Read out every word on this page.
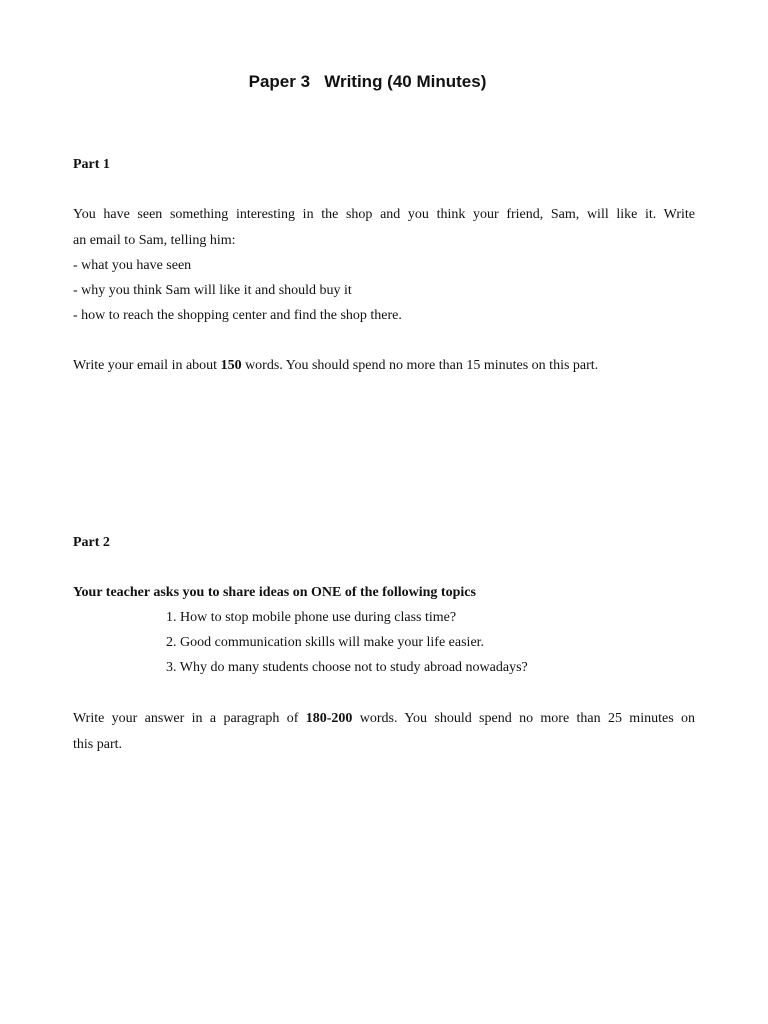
Paper 3   Writing (40 Minutes)
Part 1
You have seen something interesting in the shop and you think your friend, Sam, will like it. Write
an email to Sam, telling him:
- what you have seen
- why you think Sam will like it and should buy it
- how to reach the shopping center and find the shop there.
Write your email in about 150 words. You should spend no more than 15 minutes on this part.
Part 2
Your teacher asks you to share ideas on ONE of the following topics
1. How to stop mobile phone use during class time?
2. Good communication skills will make your life easier.
3. Why do many students choose not to study abroad nowadays?
Write your answer in a paragraph of 180-200 words. You should spend no more than 25 minutes on
this part.
